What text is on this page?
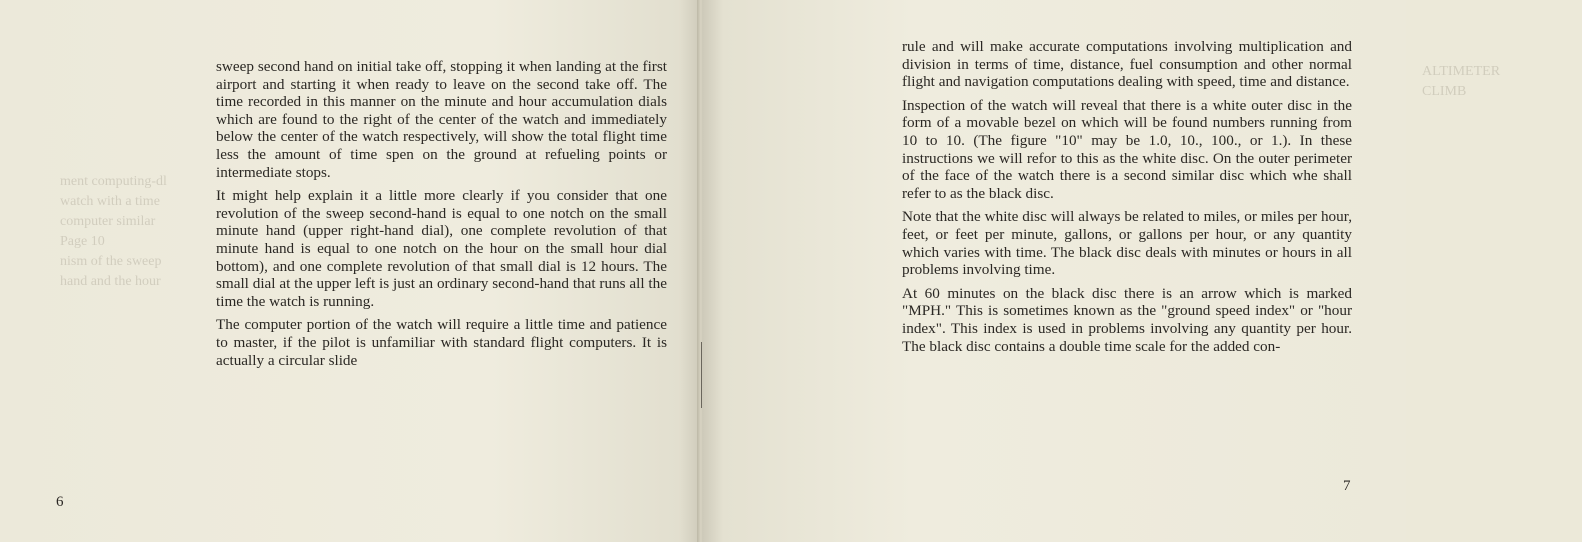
ment computing-dl
watch with a time
computer similar
Page 10
nism of the sweep
hand and the hour

sweep second hand on initial take off, stopping it when landing at the first airport and starting it when ready to leave on the second take off. The time recorded in this manner on the minute and hour accumulation dials which are found to the right of the center of the watch and immediately below the center of the watch respectively, will show the total flight time less the amount of time spen on the ground at refueling points or intermediate stops.

It might help explain it a little more clearly if you consider that one revolution of the sweep second-hand is equal to one notch on the small minute hand (upper right-hand dial), one complete revolution of that minute hand is equal to one notch on the hour on the small hour dial bottom), and one complete revolution of that small dial is 12 hours. The small dial at the upper left is just an ordinary second-hand that runs all the time the watch is running.

The computer portion of the watch will require a little time and patience to master, if the pilot is unfamiliar with standard flight computers. It is actually a circular slide

6
ALTIMETER
CLIMB

rule and will make accurate computations involving multiplication and division in terms of time, distance, fuel consumption and other normal flight and navigation computations dealing with speed, time and distance.

Inspection of the watch will reveal that there is a white outer disc in the form of a movable bezel on which will be found numbers running from 10 to 10. (The figure "10" may be 1.0, 10., 100., or 1.). In these instructions we will refor to this as the white disc. On the outer perimeter of the face of the watch there is a second similar disc which whe shall refer to as the black disc.

Note that the white disc will always be related to miles, or miles per hour, feet, or feet per minute, gallons, or gallons per hour, or any quantity which varies with time. The black disc deals with minutes or hours in all problems involving time.

At 60 minutes on the black disc there is an arrow which is marked "MPH." This is sometimes known as the "ground speed index" or "hour index". This index is used in problems involving any quantity per hour. The black disc contains a double time scale for the added con-

7
